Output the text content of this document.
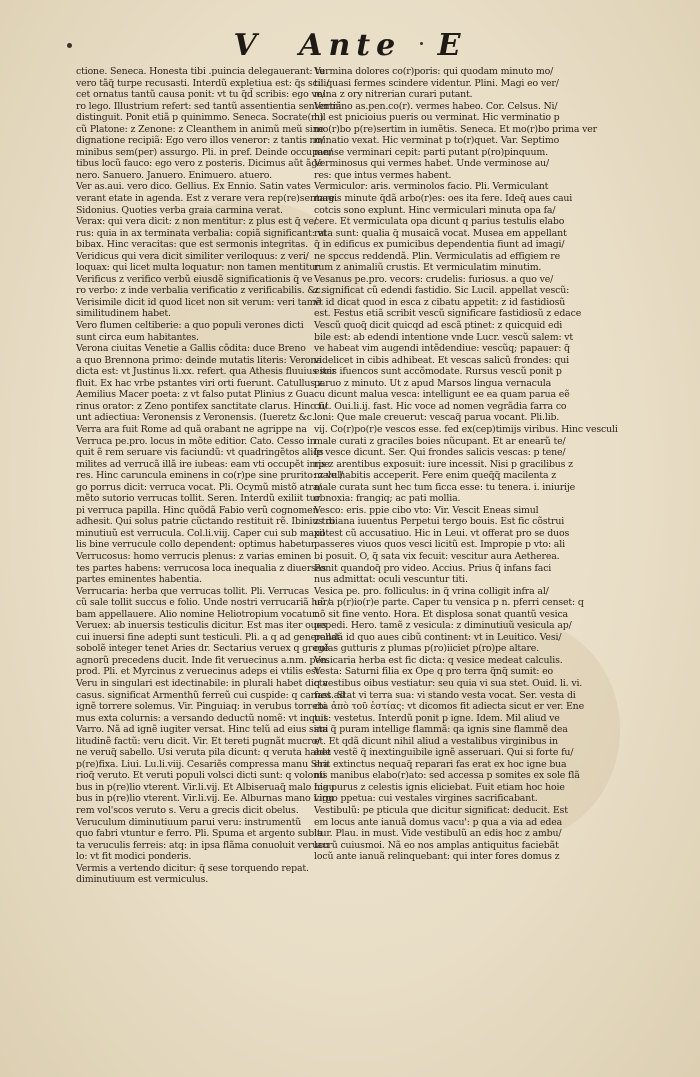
V Ante E
ctione. Seneca. Honesta tibi .puincia delegauerant: tu
vero tãq̃ turpe recusasti. Interdũ expletiua est: q̃s scili/
cet ornatus tantũ causa ponit: vt tu q̃d̃ scribis: ego ve/
ro lego. Illustrium refert: sed tantũ assentientia sententiã
distinguit. Ponit etiã p quinimmo. Seneca. Socrate(m)
cũ Platone: z Zenone: z Cleanthem in animũ meũ sine
dignatione recipiã: Ego vero illos veneror: z tantis no/
minibus sem(per) assurgo. Pli. in pref. Deinde occupan/
tibus locũ fauco: ego vero z posteris. Dicimus aũt ãge
nero. Sanuero. Januero. Enimuero. atuero.
Ver as.aui. vero dico. Gellius. Ex Ennio. Satin vates
verant etate in agenda. Est z verare vera rep(re)sentare.
Sidonius. Quoties verba graia carmina verat.
Verax: qui vera dicit: z non mentitur: z plus est q̃ ve/
rus: quia in ax terminata verbalia: copiã significant: vt
bibax. Hinc veracitas: que est sermonis integritas.
Veridicus qui vera dicit similiter veriloquus: z veri/
loquax: qui licet multa loquatur: non tamen mentitur.
Verificus z verifico verbũ eiusdẽ significationis q̃ ve
ro verbo: z inde verbalia verificatio z verificabilis. &c.
Verisimile dicit id quod licet non sit verum: veri tamẽ
similitudinem habet.
Vero flumen celtiberie: a quo populi verones dicti
sunt circa eum habitantes.
Verona ciuitas Venetie a Gallis cõdita: duce Breno
a quo Brennona primo: deinde mutatis literis: Verona
dicta est: vt Justinus li.xx. refert. qua Athesis fluuius iter
fluit. Ex hac vrbe pstantes viri orti fuerunt. Catullus z
Aemilius Macer poeta: z vt falso putat Plinius z Gua
rinus orator: z Zeno pontifex sanctitate clarus. Hinc fi/
unt adiectiua: Veronensis z Veronensis. (Iueretz &c.
Verra ara fuit Rome ad quã orabant ne agrippe na
Verruca pe.pro. locus in mõte editior. Cato. Cesso in
quit ẽ rem seruare vis faciundũ: vt quadringẽtos aliq̃s
milites ad verrucã illã ire iubeas: eam vti occupẽt impe
res. Hinc caruncula eminens in co(r)pe sine prurito: z vul/
go porrus dicit: verruca vocat. Pli. Ocymũ mistõ atra/
mẽto sutorio verrucas tollit. Seren. Interdũ exiliit tur
pi verruca papilla. Hinc quõdã Fabio verũ cognomen
adhesit. Qui solus patrie cũctando restituit rẽ. Ibinius di
minutiuũ est verrucula. Col.li.viij. Caper cui sub maxil
lis bine verrucule collo dependent: optimus habetur.
Verrucosus: homo verrucis plenus: z varias eminen
tes partes habens: verrucosa loca inequalia z diuersas
partes eminentes habentia.
Verrucaria: herba que verrucas tollit. Pli. Verrucas
cũ sale tollit succus e folio. Unde nostri verrucariã her/
bam appellauere. Alio nomine Heliotropium vocatur.
Veruex: ab inuersis testiculis dicitur. Est mas iter oues
cui inuersi fine adepti sunt testiculi. Pli. a q ad generandã
sobolẽ integer tenet Aries dr. Sectarius veruex q gregẽ
agnorũ precedens ducit. Inde fit veruecinus a.nm. pen.
prod. Pli. et Myrcinus z veruecinus adeps ei vtilis est
Veru in singulari est idectinabile: in plurali habet dicta
casus. significat Armenthũ ferreũ cui cuspide: q carnes ad
ignẽ torrere solemus. Vir. Pinguiaq: in verubus torrebi
mus exta colurnis: a versando deductũ nomẽ: vt inquit
Varro. Nã ad ignẽ iugiter versat. Hinc telũ ad eius simi
litudinẽ factũ: veru dicit. Vir. Et tereti pugnãt mucro/
ne veruq̃ sabello. Usi veruta pila dicunt: q veruta habet
p(re)fixa. Liui. Lu.li.viij. Cesariẽs compressa manu Sha
rioq̃ veruto. Et veruti populi volsci dicti sunt: q volonti
bus in p(re)lio vterent. Vir.li.vij. Et Albiseruaq̃ malo Ligu
bus in p(re)lio vterent. Vir.li.vij. Ee. Alburnas mano Ligu
rem vol'scos veruto s. Veru a grecis dicit obelus.
Veruculum diminutiuum parui veru: instrumentũ
quo fabri vtuntur e ferro. Pli. Spuma et argento subla
ta veruculis ferreis: atq: in ipsa flãma conuoluit verucu
lo: vt fit modici ponderis.
Vermis a vertendo dicitur: q̃ sese torquendo repat.
diminutiuum est vermiculus.
Vermina dolores co(r)poris: qui quodam minuto mo/
tu quasi fermes scindere videntur. Plini. Magi eo ver/
mina z ory nitrerian curari putant.
Vermino as.pen.co(r). vermes habeo. Cor. Celsus. Ni/
hil est pnicioius pueris ou verminat. Hic verminatio p
mo(r)bo p(re)sertim in iumẽtis. Seneca. Et mo(r)bo prima ver
minatio vexat. Hic verminat p to(r)quet. Var. Septimo
mense verminari cepit: parti putant p(ro)pinquum.
Verminosus qui vermes habet. Unde verminose au/
res: que intus vermes habent.
Vermiculor: aris. verminolos facio. Pli. Vermiculant
magis minute q̃dã arbo(r)es: oes ita fere. Ideq̃ aues caui
cotcis sono explunt. Hinc vermiculari minuta opa fa/
cere. Et vermiculata opa dicunt q parius testulis elabo
rata sunt: qualia q̃ musaicã vocat. Musea em appellant
q̃ in edificus ex pumicibus dependentia fiunt ad imagi/
ne spccus reddendã. Plin. Vermiculatis ad effigiem re
rum z animaliũ crustis. Et vermiculatim minutim.
Vesanus pe.pro. vecors: crudelis: furiosus. a quo ve/
z significat cũ edendi fastidio. Sic Lucil. appellat vescũ:
vt id dicat quod in esca z cibatu appetit: z id fastidiosũ
est. Festus etiã scribit vescũ significare fastidiosũ z edace
Vescũ quoq̃ dicit quicqd ad escã ptinet: z quicquid edi
bile est: ab edendi intentione vnde Lucr. vescũ salem: vt
ve habeat vim augendi intẽdendiue: vescũq; papauer: q̃
videlicet in cibis adhibeat. Et vescas salicũ frondes: qui
escis ifuencos sunt accõmodate. Rursus vescũ ponit p
paruo z minuto. Ut z apud Marsos lingua vernacula
cu dicunt malua vesca: intelligunt ee ea quam parua eẽ
cut. Oui.li.ij. fast. Hic voce ad nomen vegrãdia farra co
loni: Que male creuerut: vescaq̃ parua vocant. Pli.lib.
vij. Co(r)po(r)e vescos esse. fed ex(cep)timijs viribus. Hinc vesculi
male curati z graciles boies nũcupant. Et ar enearũ te/
le vesce dicunt. Ser. Qui frondes salicis vescas: p tene/
ris z arentibus exposuit: iure incessit. Nisi p gracilibus z
male habitis acceperit. Fere enim queq̃q̃ macilenta z
male curata sunt hec tum ficca esse: tu tenera. i. iniurije
obnoxia: frangiq; ac pati mollia.
Vesco: eris. ppie cibo vto: Vir. Vescit Eneas simul
z troiana iuuentus Perpetui tergo bouis. Est fic cõstrui
potest cũ accusatiuo. Hic in Leui. vt offerat pro se duos
passeres viuos quos vesci licitũ est. Impropie p vto: ali
bi posuit. O, q̃ sata vix fecuit: vescitur aura Aetherea.
Ponit quandoq̃ pro video. Accius. Prius q̃ infans faci
nus admittat: oculi vescuntur titi.
Vesica pe. pro. folliculus: in q̃ vrina colligit infra al/
uũ a p(r)io(r)e parte. Caper tu vensica p n. pferri censet: q
nõ sit fine vento. Hora. Et displosa sonat quantũ vesica
pepedi. Hero. tamẽ z vesicula: z diminutiuũ vesicula ap/
pellat: id quo aues cibũ continent: vt in Leuitico. Vesi/
culas gutturis z plumas p(ro)iiciet p(ro)pe altare.
Vesicaria herba est fic dicta: q vesice medeat calculis.
Vesta: Saturni filia ex Ope q pro terra q̃nq̃ sumit: eo
q vestibus oibus vestiatur: seu quia vi sua stet. Ouid. li. vi.
fast. Stat vi terra sua: vi stando vesta vocat. Ser. vesta di
cta ἀπὸ τοῦ ἑστίας: vt dicomos fit adiecta sicut er ver. Ene
tus: vestetus. Interdũ ponit p igne. Idem. Mil aliud ve
sta q̃ puram intellige flammã: qa ignis sine flammẽ dea
et. Et qdã dicunt nihil aliud a vestalibus virginibus in
ede vestẽ q̃ inextinguibile ignẽ asseruari. Qui si forte fu/
erit extinctus nequaq̃ reparari fas erat ex hoc igne bua
nis manibus elabo(r)ato: sed accessa p somites ex sole flã
ma purus z celestis ignis eliciebat. Fuit etiam hoc hoie
virgo ppetua: cui vestales virgines sacrificabant.
Vestibulũ: pe pticula que dicitur significat: deducit. Est
em locus ante ianuã domus vacu': p qua a via ad edea
itur. Plau. in must. Vide vestibulũ an edis hoc z ambu/
lacrũ cuiusmoi. Nã eo nos amplas antiquitus faciebãt
locũ ante ianuã relinquebant: qui inter fores domus z
